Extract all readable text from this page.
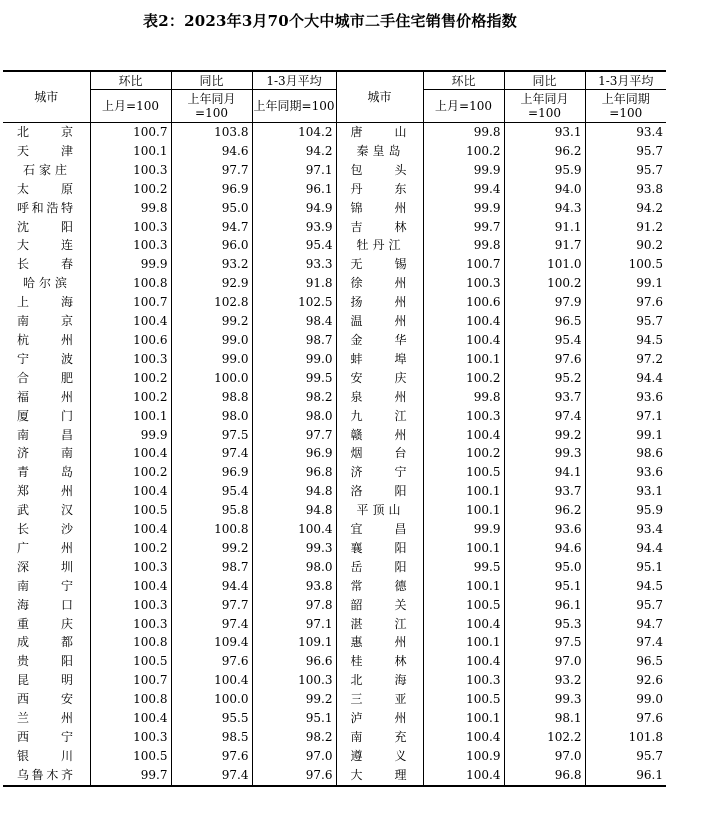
表2：2023年3月70个大中城市二手住宅销售价格指数
城市	环比	同比	1-3月平均	城市	环比	同比	1-3月平均
	上月=100	上年同月=100	上年同期=100		上月=100	上年同月=100	上年同期=100

北 京	100.7	103.8	104.2	唐 山	99.8	93.1	93.4

天 津	100.1	94.6	94.2	秦 皇 岛	100.2	96.2	95.7

石 家 庄	100.3	97.7	97.1	包 头	99.9	95.9	95.7

太 原	100.2	96.9	96.1	丹 东	99.4	94.0	93.8

呼 和 浩 特	99.8	95.0	94.9	锦 州	99.9	94.3	94.2

沈 阳	100.3	94.7	93.9	吉 林	99.7	91.1	91.2

大 连	100.3	96.0	95.4	牡 丹 江	99.8	91.7	90.2

长 春	99.9	93.2	93.3	无 锡	100.7	101.0	100.5

哈 尔 滨	100.8	92.9	91.8	徐 州	100.3	100.2	99.1

上 海	100.7	102.8	102.5	扬 州	100.6	97.9	97.6

南 京	100.4	99.2	98.4	温 州	100.4	96.5	95.7

杭 州	100.6	99.0	98.7	金 华	100.4	95.4	94.5

宁 波	100.3	99.0	99.0	蚌 埠	100.1	97.6	97.2

合 肥	100.2	100.0	99.5	安 庆	100.2	95.2	94.4

福 州	100.2	98.8	98.2	泉 州	99.8	93.7	93.6

厦 门	100.1	98.0	98.0	九 江	100.3	97.4	97.1

南 昌	99.9	97.5	97.7	赣 州	100.4	99.2	99.1

济 南	100.4	97.4	96.9	烟 台	100.2	99.3	98.6

青 岛	100.2	96.9	96.8	济 宁	100.5	94.1	93.6

郑 州	100.4	95.4	94.8	洛 阳	100.1	93.7	93.1

武 汉	100.5	95.8	94.8	平 顶 山	100.1	96.2	95.9

长 沙	100.4	100.8	100.4	宜 昌	99.9	93.6	93.4

广 州	100.2	99.2	99.3	襄 阳	100.1	94.6	94.4

深 圳	100.3	98.7	98.0	岳 阳	99.5	95.0	95.1

南 宁	100.4	94.4	93.8	常 德	100.1	95.1	94.5

海 口	100.3	97.7	97.8	韶 关	100.5	96.1	95.7

重 庆	100.3	97.4	97.1	湛 江	100.4	95.3	94.7

成 都	100.8	109.4	109.1	惠 州	100.1	97.5	97.4

贵 阳	100.5	97.6	96.6	桂 林	100.4	97.0	96.5

昆 明	100.7	100.4	100.3	北 海	100.3	93.2	92.6

西 安	100.8	100.0	99.2	三 亚	100.5	99.3	99.0

兰 州	100.4	95.5	95.1	泸 州	100.1	98.1	97.6

西 宁	100.3	98.5	98.2	南 充	100.4	102.2	101.8

银 川	100.5	97.6	97.0	遵 义	100.9	97.0	95.7

乌 鲁 木 齐	99.7	97.4	97.6	大 理	100.4	96.8	96.1
